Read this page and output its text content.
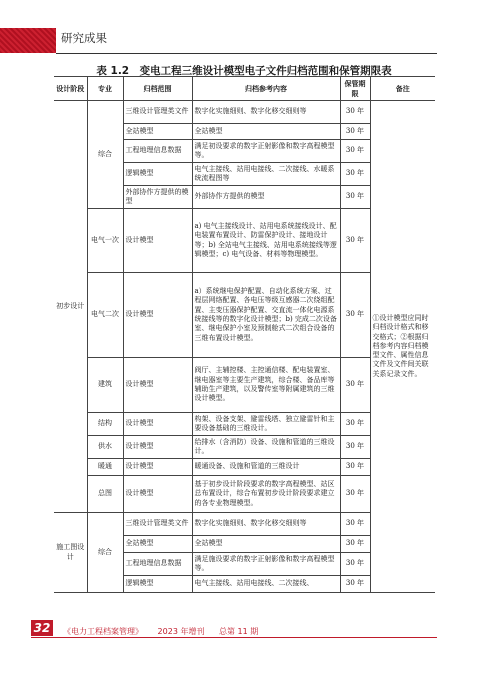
研究成果
表 1.2　变电工程三维设计模型电子文件归档范围和保管期限表
设计阶段	专业	归档范围	归档参考内容	保管期限	备注
初步设计	综合	三维设计管理类文件	数字化实施细则、数字化移交细则等	30 年	①设计模型应同时归档设计格式和移交格式；②根据归档参考内容归档模型文件、属性信息文件及文件间关联关系记录文件。
		全站模型	全站模型	30 年	
		工程地理信息数据	满足初设要求的数字正射影像和数字高程模型等。	30 年	
		逻辑模型	电气主接线、站用电接线、二次接线、水暖系统流程图等	30 年	
		外部协作方提供的模型	外部协作方提供的模型	30 年	
	电气一次	设计模型	a) 电气主接线设计、站用电系统接线设计、配电装置布置设计、防雷保护设计、接地设计等；b) 全站电气主接线、站用电系统接线等逻辑模型；c) 电气设备、材料等物理模型。	30 年	
	电气二次	设计模型	a）系统继电保护配置、自动化系统方案、过程层网络配置、各电压等级互感器二次绕组配置、主变压器保护配置、交直流一体化电源系统接线等的数字化设计模型；b) 完成二次设备室、继电保护小室及预制舱式二次组合设备的三维布置设计模型。	30 年	
	建筑	设计模型	阀厅、主辅控楼、主控通信楼、配电装置室、继电器室等主要生产建筑，综合楼、备品库等辅助生产建筑，以及警传室等附属建筑的三维设计模型。	30 年	
	结构	设计模型	构架、设备支架、避雷线塔、独立避雷针和主要设备基础的三维设计。	30 年	
	供水	设计模型	给排水（含消防）设备、设施和管道的三维设计。	30 年	
	暖通	设计模型	暖通设备、设施和管道的三维设计	30 年	
	总图	设计模型	基于初步设计阶段要求的数字高程模型、站区总布置设计，综合布置初步设计阶段要求建立的各专业物理模型。	30 年	
施工图设计	综合	三维设计管理类文件	数字化实施细则、数字化移交细则等	30 年	
		全站模型	全站模型	30 年	
		工程地理信息数据	满足施设要求的数字正射影像和数字高程模型等。	30 年	
		逻辑模型	电气主接线、站用电接线、二次接线、	30 年	
32	《电力工程档案管理》 2023 年增刊 总第 11 期
